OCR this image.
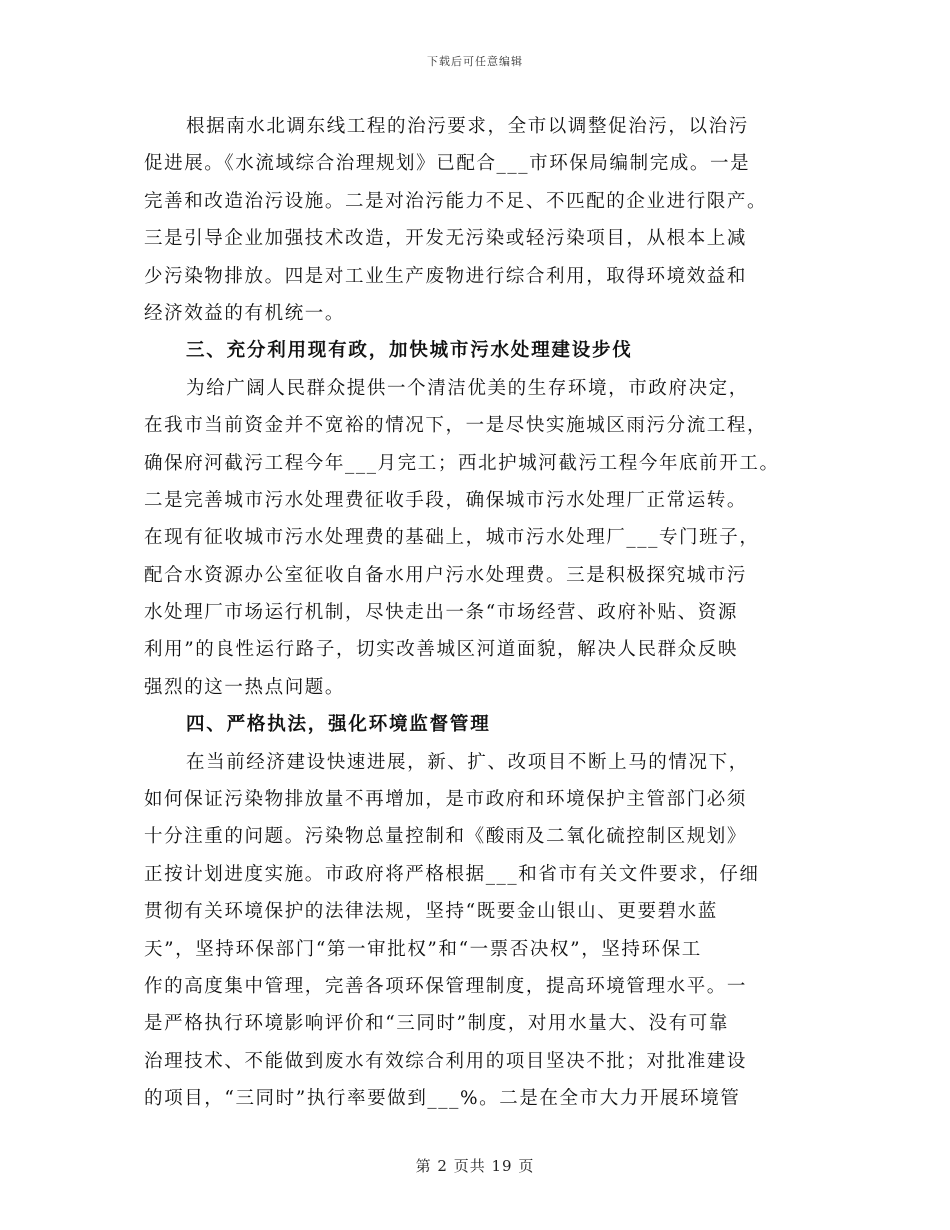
下载后可任意编辑
根据南水北调东线工程的治污要求，全市以调整促治污，以治污
促进展。《水流域综合治理规划》已配合___市环保局编制完成。一是
完善和改造治污设施。二是对治污能力不足、不匹配的企业进行限产。
三是引导企业加强技术改造，开发无污染或轻污染项目，从根本上减
少污染物排放。四是对工业生产废物进行综合利用，取得环境效益和
经济效益的有机统一。
三、充分利用现有政，加快城市污水处理建设步伐
为给广阔人民群众提供一个清洁优美的生存环境，市政府决定，
在我市当前资金并不宽裕的情况下，一是尽快实施城区雨污分流工程，
确保府河截污工程今年___月完工；西北护城河截污工程今年底前开工。
二是完善城市污水处理费征收手段，确保城市污水处理厂正常运转。
在现有征收城市污水处理费的基础上，城市污水处理厂___专门班子，
配合水资源办公室征收自备水用户污水处理费。三是积极探究城市污
水处理厂市场运行机制，尽快走出一条“市场经营、政府补贴、资源
利用”的良性运行路子，切实改善城区河道面貌，解决人民群众反映
强烈的这一热点问题。
四、严格执法，强化环境监督管理
在当前经济建设快速进展，新、扩、改项目不断上马的情况下，
如何保证污染物排放量不再增加，是市政府和环境保护主管部门必须
十分注重的问题。污染物总量控制和《酸雨及二氧化硫控制区规划》
正按计划进度实施。市政府将严格根据___和省市有关文件要求，仔细
贯彻有关环境保护的法律法规，坚持“既要金山银山、更要碧水蓝
天”，坚持环保部门“第一审批权”和“一票否决权”，坚持环保工
作的高度集中管理，完善各项环保管理制度，提高环境管理水平。一
是严格执行环境影响评价和“三同时”制度，对用水量大、没有可靠
治理技术、不能做到废水有效综合利用的项目坚决不批；对批准建设
的项目，“三同时”执行率要做到___%。二是在全市大力开展环境管
第 2 页共 19 页
